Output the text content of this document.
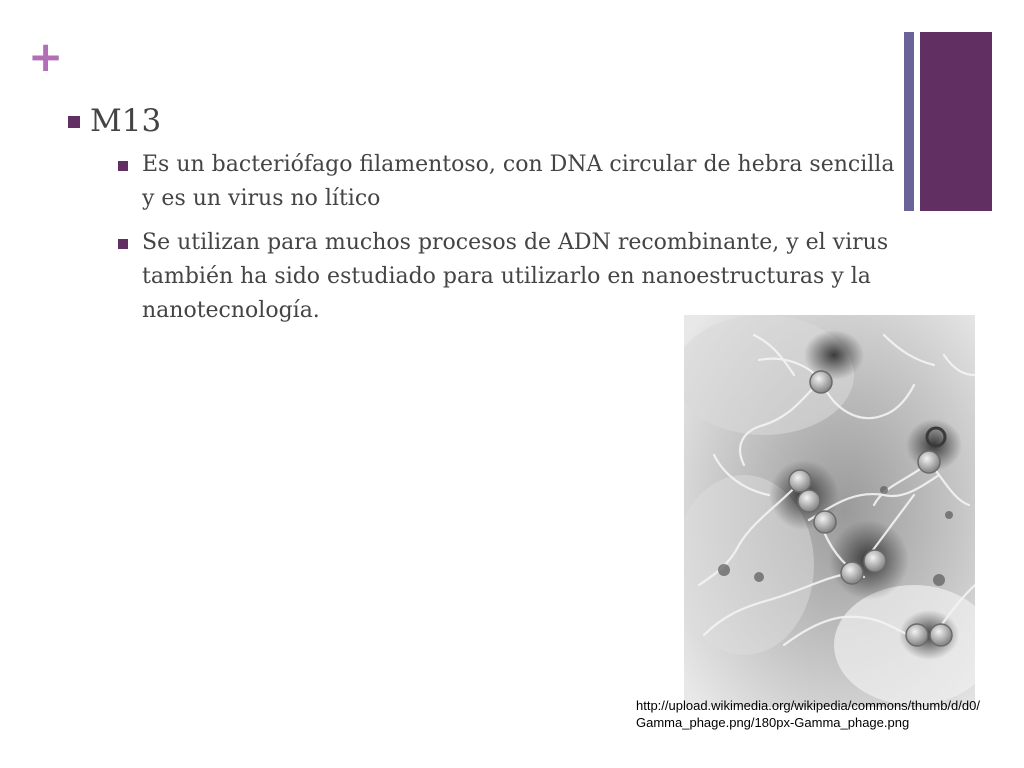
+
M13
Es un bacteriófago filamentoso, con DNA circular de hebra sencilla y es un virus no lítico
Se utilizan para muchos procesos de ADN recombinante, y el virus también ha sido estudiado para utilizarlo en nanoestructuras y la nanotecnología.
http://upload.wikimedia.org/wikipedia/commons/thumb/d/d0/
Gamma_phage.png/180px-Gamma_phage.png
